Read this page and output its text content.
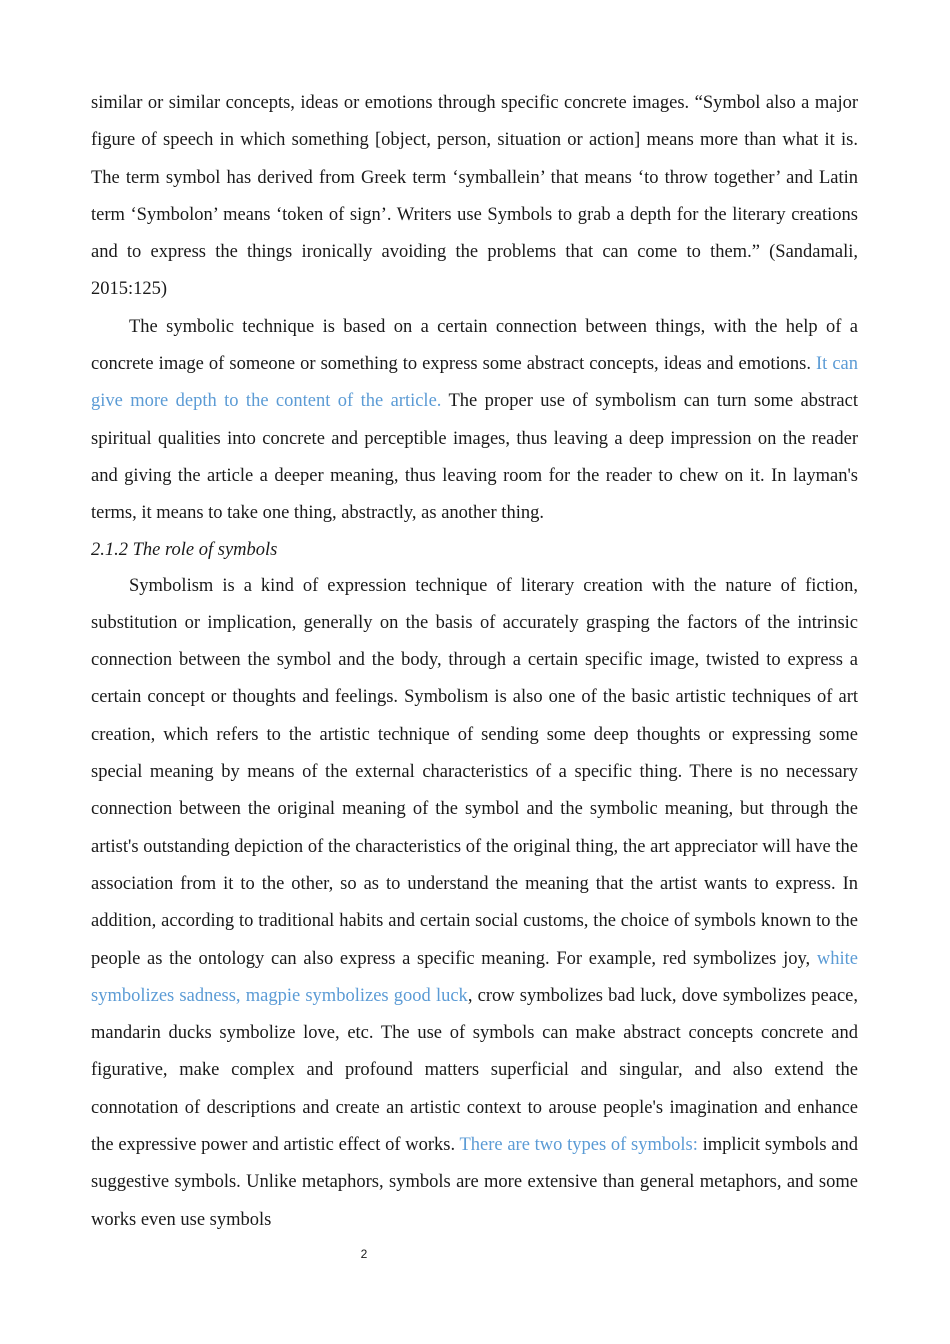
similar or similar concepts, ideas or emotions through specific concrete images. “Symbol also a major figure of speech in which something [object, person, situation or action] means more than what it is. The term symbol has derived from Greek term ‘symballein’ that means ‘to throw together’ and Latin term ‘Symbolon’ means ‘token of sign’. Writers use Symbols to grab a depth for the literary creations and to express the things ironically avoiding the problems that can come to them.” (Sandamali, 2015:125)

The symbolic technique is based on a certain connection between things, with the help of a concrete image of someone or something to express some abstract concepts, ideas and emotions. It can give more depth to the content of the article. The proper use of symbolism can turn some abstract spiritual qualities into concrete and perceptible images, thus leaving a deep impression on the reader and giving the article a deeper meaning, thus leaving room for the reader to chew on it. In layman's terms, it means to take one thing, abstractly, as another thing.

2.1.2 The role of symbols

Symbolism is a kind of expression technique of literary creation with the nature of fiction, substitution or implication, generally on the basis of accurately grasping the factors of the intrinsic connection between the symbol and the body, through a certain specific image, twisted to express a certain concept or thoughts and feelings. Symbolism is also one of the basic artistic techniques of art creation, which refers to the artistic technique of sending some deep thoughts or expressing some special meaning by means of the external characteristics of a specific thing. There is no necessary connection between the original meaning of the symbol and the symbolic meaning, but through the artist's outstanding depiction of the characteristics of the original thing, the art appreciator will have the association from it to the other, so as to understand the meaning that the artist wants to express. In addition, according to traditional habits and certain social customs, the choice of symbols known to the people as the ontology can also express a specific meaning. For example, red symbolizes joy, white symbolizes sadness, magpie symbolizes good luck, crow symbolizes bad luck, dove symbolizes peace, mandarin ducks symbolize love, etc. The use of symbols can make abstract concepts concrete and figurative, make complex and profound matters superficial and singular, and also extend the connotation of descriptions and create an artistic context to arouse people's imagination and enhance the expressive power and artistic effect of works. There are two types of symbols: implicit symbols and suggestive symbols. Unlike metaphors, symbols are more extensive than general metaphors, and some works even use symbols

2
